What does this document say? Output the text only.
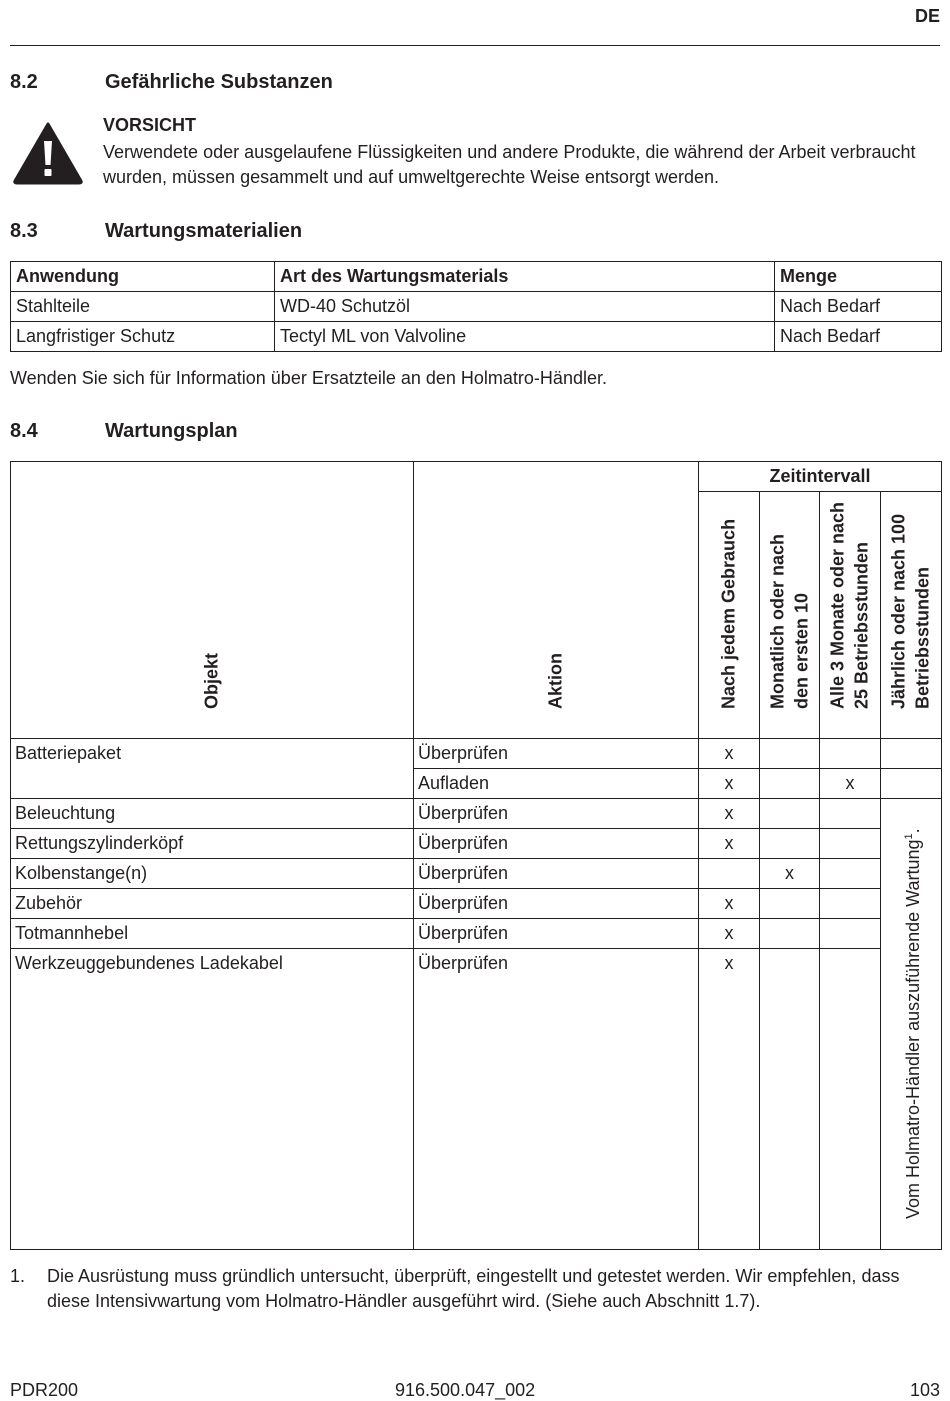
DE
8.2	Gefährliche Substanzen
VORSICHT
Verwendete oder ausgelaufene Flüssigkeiten und andere Produkte, die während der Arbeit verbraucht wurden, müssen gesammelt und auf umweltgerechte Weise entsorgt werden.
8.3	Wartungsmaterialien
Anwendung	Art des Wartungsmaterials	Menge
Stahlteile	WD-40 Schutzöl	Nach Bedarf
Langfristiger Schutz	Tectyl ML von Valvoline	Nach Bedarf
Wenden Sie sich für Information über Ersatzteile an den Holmatro-Händler.
8.4	Wartungsplan
Objekt	Aktion	Zeitintervall			

		Nach jedem Gebrauch	Monatlich oder nach den ersten 10	Alle 3 Monate oder nach 25 Betriebsstunden	Jährlich oder nach 100 Betriebsstunden

Batteriepaket	Überprüfen	x			
	Aufladen	x		x	
Beleuchtung	Überprüfen	x			Vom Holmatro-Händler auszuführende Wartung$^1$.

Rettungszylinderköpf	Überprüfen	x			
Kolbenstange(n)	Überprüfen		x		
Zubehör	Überprüfen	x			
Totmannhebel	Überprüfen	x			
Werkzeuggebundenes Ladekabel	Überprüfen	x			
1. Die Ausrüstung muss gründlich untersucht, überprüft, eingestellt und getestet werden. Wir empfehlen, dass diese Intensivwartung vom Holmatro-Händler ausgeführt wird. (Siehe auch Abschnitt 1.7).
PDR200	916.500.047_002	103
